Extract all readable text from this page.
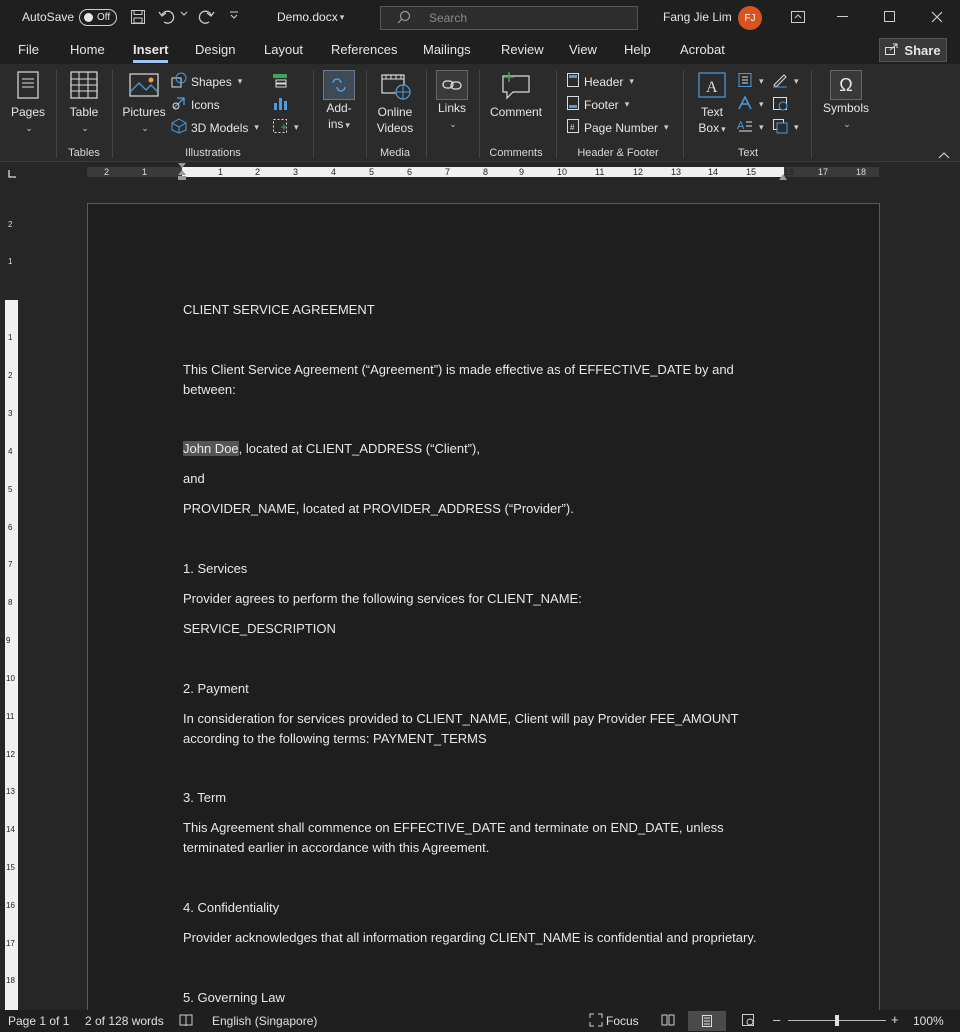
AutoSave Off	Demo.docx ▾	Search	Fang Jie Lim FJ
File Home Insert Design Layout References Mailings Review View Help Acrobat	Share
Pages
⌄
Table
⌄
Tables
Pictures
⌄
Shapes ▾
Icons
3D Models ▾	▾
Illustrations
Add-
ins ▾
Online
Videos
Media
Links
⌄
Comment
Comments
Header ▾
Footer ▾
# Page Number ▾
Header & Footer
A
Text
Box ▾
▾
▾
A ▾
▾
▾
Text
Ω
Symbols
⌄
2	1	1	2	3	4	5	6	7	8	9	10	11	12	13	14	15	16	17	18
2
1
1
2
3
4
5
6
7
8
9
10
11
12
13
14
15
16
17
18
CLIENT SERVICE AGREEMENT
This Client Service Agreement (“Agreement”) is made effective as of EFFECTIVE_DATE by and
between:
John Doe, located at CLIENT_ADDRESS (“Client”),
and
PROVIDER_NAME, located at PROVIDER_ADDRESS (“Provider”).
1. Services
Provider agrees to perform the following services for CLIENT_NAME:
SERVICE_DESCRIPTION
2. Payment
In consideration for services provided to CLIENT_NAME, Client will pay Provider FEE_AMOUNT
according to the following terms: PAYMENT_TERMS
3. Term
This Agreement shall commence on EFFECTIVE_DATE and terminate on END_DATE, unless
terminated earlier in accordance with this Agreement.
4. Confidentiality
Provider acknowledges that all information regarding CLIENT_NAME is confidential and proprietary.
5. Governing Law
Page 1 of 1 2 of 128 words	English (Singapore)	Focus	–	+ 100%
